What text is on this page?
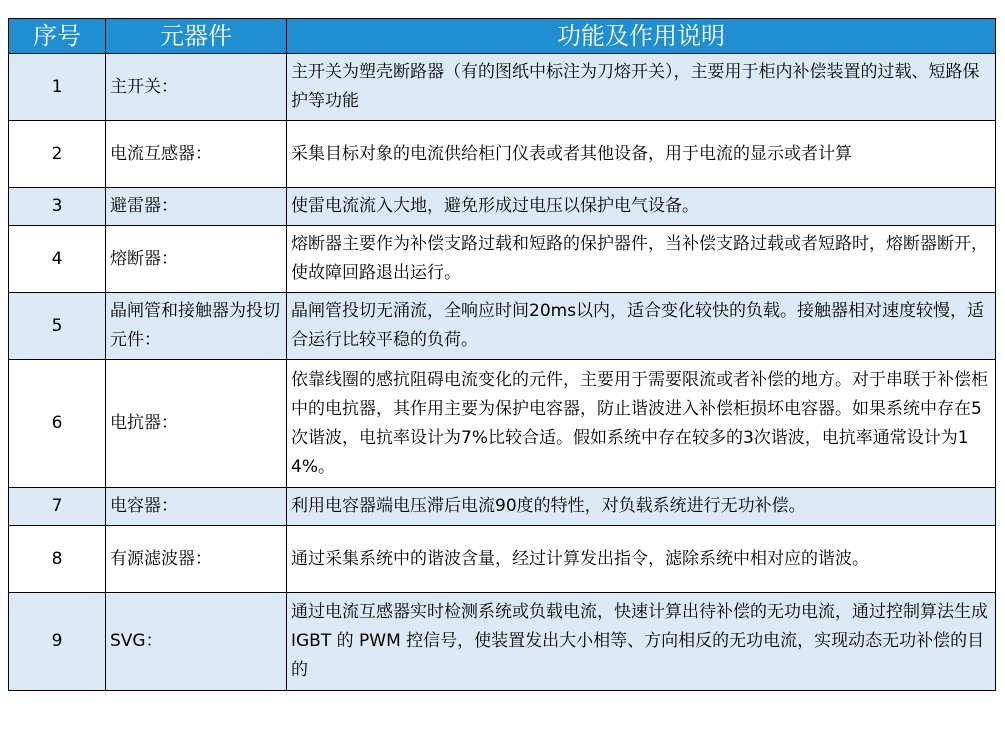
序号	元器件	功能及作用说明
1	主开关：	主开关为塑壳断路器（有的图纸中标注为刀熔开关），主要用于柜内补偿装置的过载、短路保护等功能
2	电流互感器：	采集目标对象的电流供给柜门仪表或者其他设备，用于电流的显示或者计算
3	避雷器：	使雷电流流入大地，避免形成过电压以保护电气设备。
4	熔断器：	熔断器主要作为补偿支路过载和短路的保护器件，当补偿支路过载或者短路时，熔断器断开，使故障回路退出运行。
5	晶闸管和接触器为投切元件：	晶闸管投切无涌流，全响应时间20ms以内，适合变化较快的负载。接触器相对速度较慢，适合运行比较平稳的负荷。
6	电抗器：	依靠线圈的感抗阻碍电流变化的元件，主要用于需要限流或者补偿的地方。对于串联于补偿柜中的电抗器，其作用主要为保护电容器，防止谐波进入补偿柜损坏电容器。如果系统中存在5次谐波，电抗率设计为7%比较合适。假如系统中存在较多的3次谐波，电抗率通常设计为14%。
7	电容器：	利用电容器端电压滞后电流90度的特性，对负载系统进行无功补偿。
8	有源滤波器：	通过采集系统中的谐波含量，经过计算发出指令，滤除系统中相对应的谐波。
9	SVG：	通过电流互感器实时检测系统或负载电流，快速计算出待补偿的无功电流，通过控制算法生成 IGBT 的 PWM 控信号，使装置发出大小相等、方向相反的无功电流，实现动态无功补偿的目的
